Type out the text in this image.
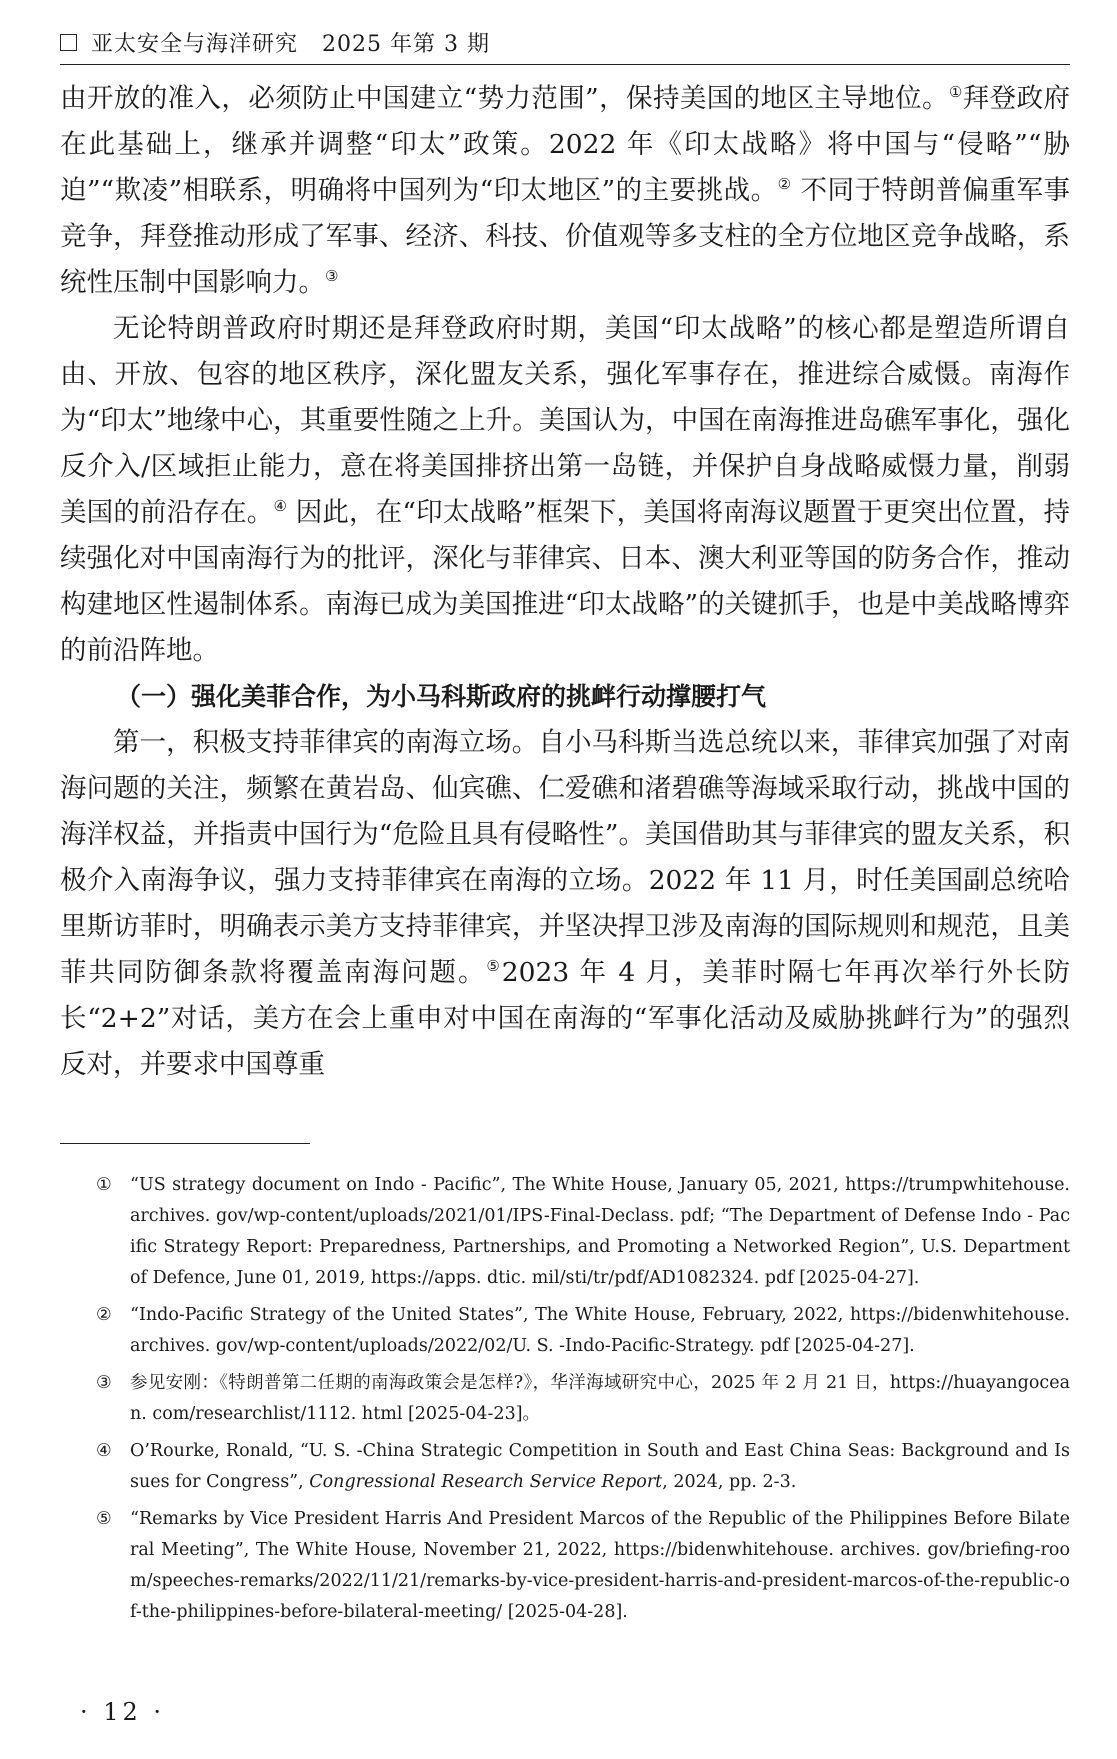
亚太安全与海洋研究 2025 年第 3 期

由开放的准入，必须防止中国建立“势力范围”，保持美国的地区主导地位。①拜登政府在此基础上，继承并调整“印太”政策。2022 年《印太战略》将中国与“侵略”“胁迫”“欺凌”相联系，明确将中国列为“印太地区”的主要挑战。② 不同于特朗普偏重军事竞争，拜登推动形成了军事、经济、科技、价值观等多支柱的全方位地区竞争战略，系统性压制中国影响力。③

无论特朗普政府时期还是拜登政府时期，美国“印太战略”的核心都是塑造所谓自由、开放、包容的地区秩序，深化盟友关系，强化军事存在，推进综合威慑。南海作为“印太”地缘中心，其重要性随之上升。美国认为，中国在南海推进岛礁军事化，强化反介入/区域拒止能力，意在将美国排挤出第一岛链，并保护自身战略威慑力量，削弱美国的前沿存在。④ 因此，在“印太战略”框架下，美国将南海议题置于更突出位置，持续强化对中国南海行为的批评，深化与菲律宾、日本、澳大利亚等国的防务合作，推动构建地区性遏制体系。南海已成为美国推进“印太战略”的关键抓手，也是中美战略博弈的前沿阵地。

（一）强化美菲合作，为小马科斯政府的挑衅行动撑腰打气

第一，积极支持菲律宾的南海立场。自小马科斯当选总统以来，菲律宾加强了对南海问题的关注，频繁在黄岩岛、仙宾礁、仁爱礁和渚碧礁等海域采取行动，挑战中国的海洋权益，并指责中国行为“危险且具有侵略性”。美国借助其与菲律宾的盟友关系，积极介入南海争议，强力支持菲律宾在南海的立场。2022 年 11 月，时任美国副总统哈里斯访菲时，明确表示美方支持菲律宾，并坚决捍卫涉及南海的国际规则和规范，且美菲共同防御条款将覆盖南海问题。⑤2023 年 4 月，美菲时隔七年再次举行外长防长“2+2”对话，美方在会上重申对中国在南海的“军事化活动及威胁挑衅行为”的强烈反对，并要求中国尊重

① “US strategy document on Indo - Pacific”, The White House, January 05, 2021, https://trumpwhitehouse. archives. gov/wp-content/uploads/2021/01/IPS-Final-Declass. pdf; “The Department of Defense Indo - Pacific Strategy Report: Preparedness, Partnerships, and Promoting a Networked Region”, U.S. Department of Defence, June 01, 2019, https://apps. dtic. mil/sti/tr/pdf/AD1082324. pdf [2025-04-27].
② “Indo-Pacific Strategy of the United States”, The White House, February, 2022, https://bidenwhitehouse. archives. gov/wp-content/uploads/2022/02/U. S. -Indo-Pacific-Strategy. pdf [2025-04-27].
③ 参见安刚：《特朗普第二任期的南海政策会是怎样?》，华洋海域研究中心，2025 年 2 月 21 日，https://huayangocean. com/researchlist/1112. html [2025-04-23]。
④ O’Rourke, Ronald, “U. S. -China Strategic Competition in South and East China Seas: Background and Issues for Congress”, Congressional Research Service Report, 2024, pp. 2-3.
⑤ “Remarks by Vice President Harris And President Marcos of the Republic of the Philippines Before Bilateral Meeting”, The White House, November 21, 2022, https://bidenwhitehouse. archives. gov/briefing-room/speeches-remarks/2022/11/21/remarks-by-vice-president-harris-and-president-marcos-of-the-republic-of-the-philippines-before-bilateral-meeting/ [2025-04-28].
· 12 ·
